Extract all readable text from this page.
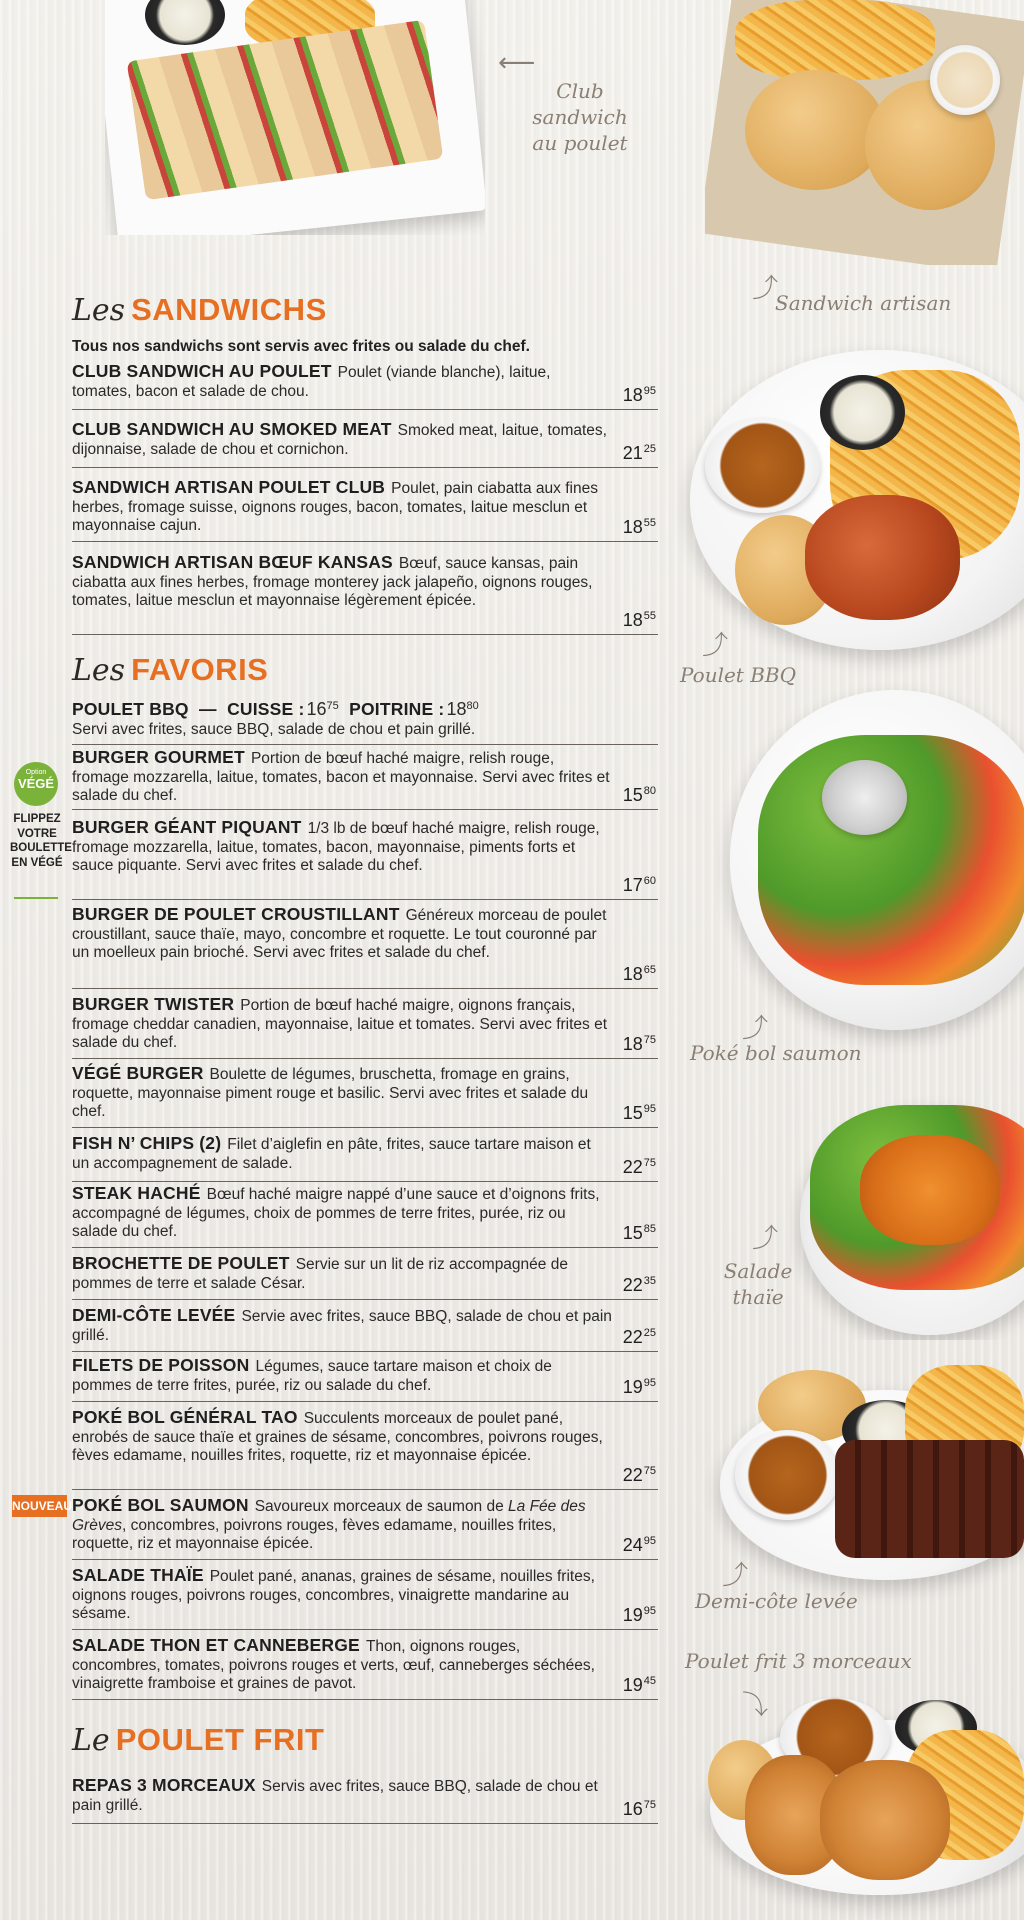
Club sandwich
au poulet
⟵
⤴
Sandwich artisan
⤴
Poulet BBQ
⤴
Poké bol saumon
⤴
Salade
thaïe
⤴
Demi-côte levée
Poulet frit 3 morceaux
⤵
Les SANDWICHS
Tous nos sandwichs sont servis avec frites ou salade du chef.
CLUB SANDWICH AU POULET Poulet (viande blanche), laitue, tomates, bacon et salade de chou.	$18^{95}$
CLUB SANDWICH AU SMOKED MEAT Smoked meat, laitue, tomates, dijonnaise, salade de chou et cornichon.	$21^{25}$
SANDWICH ARTISAN POULET CLUB Poulet, pain ciabatta aux fines herbes, fromage suisse, oignons rouges, bacon, tomates, laitue mesclun et mayonnaise cajun.	$18^{55}$
SANDWICH ARTISAN BŒUF KANSAS Bœuf, sauce kansas, pain ciabatta aux fines herbes, fromage monterey jack jalapeño, oignons rouges, tomates, laitue mesclun et mayonnaise légèrement épicée.
$18^{55}$
Les FAVORIS
POULET BBQ — CUISSE : $16^{75}$ POITRINE : $18^{80}$
Servi avec frites, sauce BBQ, salade de chou et pain grillé.
Option
VÉGÉ
FLIPPEZ
VOTRE
BOULETTE
EN VÉGÉ
BURGER GOURMET Portion de bœuf haché maigre, relish rouge, fromage mozzarella, laitue, tomates, bacon et mayonnaise. Servi avec frites et salade du chef.	$15^{80}$
BURGER GÉANT PIQUANT 1/3 lb de bœuf haché maigre, relish rouge, fromage mozzarella, laitue, tomates, bacon, mayonnaise, piments forts et sauce piquante. Servi avec frites et salade du chef.
$17^{60}$
BURGER DE POULET CROUSTILLANT Généreux morceau de poulet croustillant, sauce thaïe, mayo, concombre et roquette. Le tout couronné par un moelleux pain brioché. Servi avec frites et salade du chef.
$18^{65}$
BURGER TWISTER Portion de bœuf haché maigre, oignons français, fromage cheddar canadien, mayonnaise, laitue et tomates. Servi avec frites et salade du chef.	$18^{75}$
VÉGÉ BURGER Boulette de légumes, bruschetta, fromage en grains, roquette, mayonnaise piment rouge et basilic. Servi avec frites et salade du chef.	$15^{95}$
FISH N’ CHIPS (2) Filet d’aiglefin en pâte, frites, sauce tartare maison et un accompagnement de salade.	$22^{75}$
STEAK HACHÉ Bœuf haché maigre nappé d’une sauce et d’oignons frits, accompagné de légumes, choix de pommes de terre frites, purée, riz ou salade du chef.	$15^{85}$
BROCHETTE DE POULET Servie sur un lit de riz accompagnée de pommes de terre et salade César.	$22^{35}$
DEMI-CÔTE LEVÉE Servie avec frites, sauce BBQ, salade de chou et pain grillé.	$22^{25}$
FILETS DE POISSON Légumes, sauce tartare maison et choix de pommes de terre frites, purée, riz ou salade du chef.	$19^{95}$
POKÉ BOL GÉNÉRAL TAO Succulents morceaux de poulet pané, enrobés de sauce thaïe et graines de sésame, concombres, poivrons rouges, fèves edamame, nouilles frites, roquette, riz et mayonnaise épicée.
$22^{75}$
NOUVEAU POKÉ BOL SAUMON Savoureux morceaux de saumon de La Fée des Grèves, concombres, poivrons rouges, fèves edamame, nouilles frites, roquette, riz et mayonnaise épicée.	$24^{95}$
SALADE THAÏE Poulet pané, ananas, graines de sésame, nouilles frites, oignons rouges, poivrons rouges, concombres, vinaigrette mandarine au sésame.	$19^{95}$
SALADE THON ET CANNEBERGE Thon, oignons rouges, concombres, tomates, poivrons rouges et verts, œuf, canneberges séchées, vinaigrette framboise et graines de pavot.	$19^{45}$
Le POULET FRIT
REPAS 3 MORCEAUX Servis avec frites, sauce BBQ, salade de chou et pain grillé.	$16^{75}$
